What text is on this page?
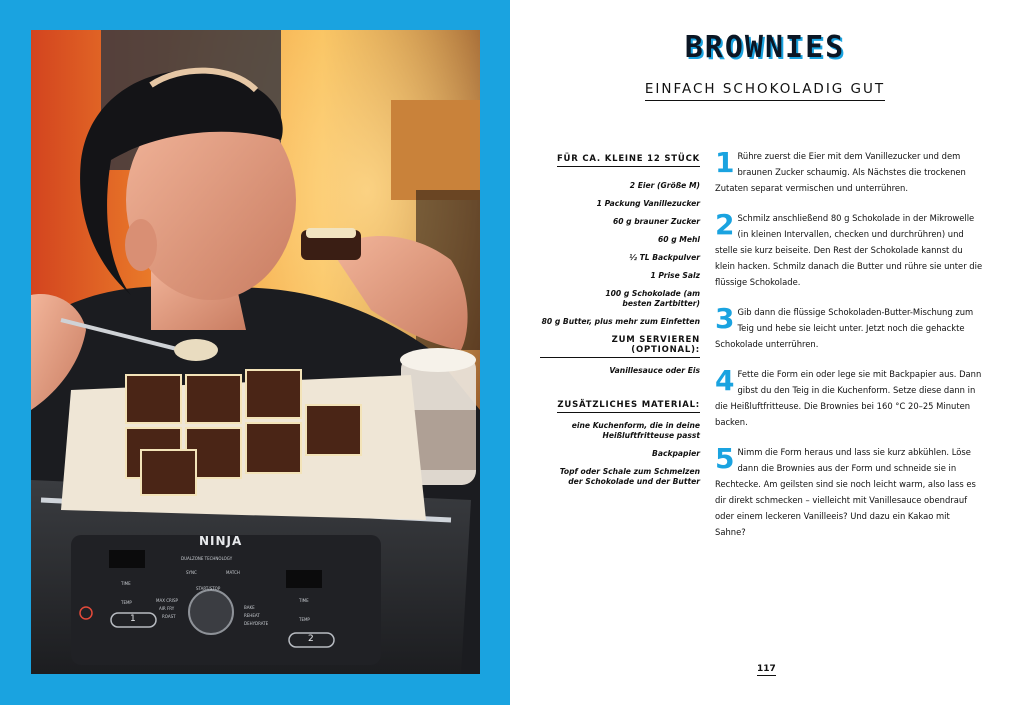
NINJA
DUALZONE TECHNOLOGY
SYNC	MATCH
TIME
TEMP	TIME
TEMP
START/STOP
MAX CRISP
AIR FRY
ROAST
BAKE
REHEAT
DEHYDRATE
1
2
BROWNIES
EINFACH SCHOKOLADIG GUT
FÜR CA. KLEINE 12 STÜCK
2 Eier (Größe M)
1 Packung Vanillezucker
60 g brauner Zucker
60 g Mehl
½ TL Backpulver
1 Prise Salz
100 g Schokolade (am besten Zartbitter)
80 g Butter, plus mehr zum Einfetten
ZUM SERVIEREN (OPTIONAL):
Vanillesauce oder Eis
ZUSÄTZLICHES MATERIAL:
eine Kuchenform, die in deine Heißluftfritteuse passt
Backpapier
Topf oder Schale zum Schmelzen der Schokolade und der Butter
1 Rühre zuerst die Eier mit dem Vanillezucker und dem braunen Zucker schaumig. Als Nächstes die trockenen Zutaten separat vermischen und unterrühren.
2 Schmilz anschließend 80 g Schokolade in der Mikrowelle (in kleinen Intervallen, checken und durchrühren) und stelle sie kurz beiseite. Den Rest der Schokolade kannst du klein hacken. Schmilz danach die Butter und rühre sie unter die flüssige Schokolade.
3 Gib dann die flüssige Schokoladen-Butter-Mischung zum Teig und hebe sie leicht unter. Jetzt noch die gehackte Schokolade unterrühren.
4 Fette die Form ein oder lege sie mit Backpapier aus. Dann gibst du den Teig in die Kuchenform. Setze diese dann in die Heißluftfritteuse. Die Brownies bei 160 °C 20–25 Minuten backen.
5 Nimm die Form heraus und lass sie kurz abkühlen. Löse dann die Brownies aus der Form und schneide sie in Rechtecke. Am geilsten sind sie noch leicht warm, also lass es dir direkt schmecken – vielleicht mit Vanillesauce obendrauf oder einem leckeren Vanilleeis? Und dazu ein Kakao mit Sahne?
117
